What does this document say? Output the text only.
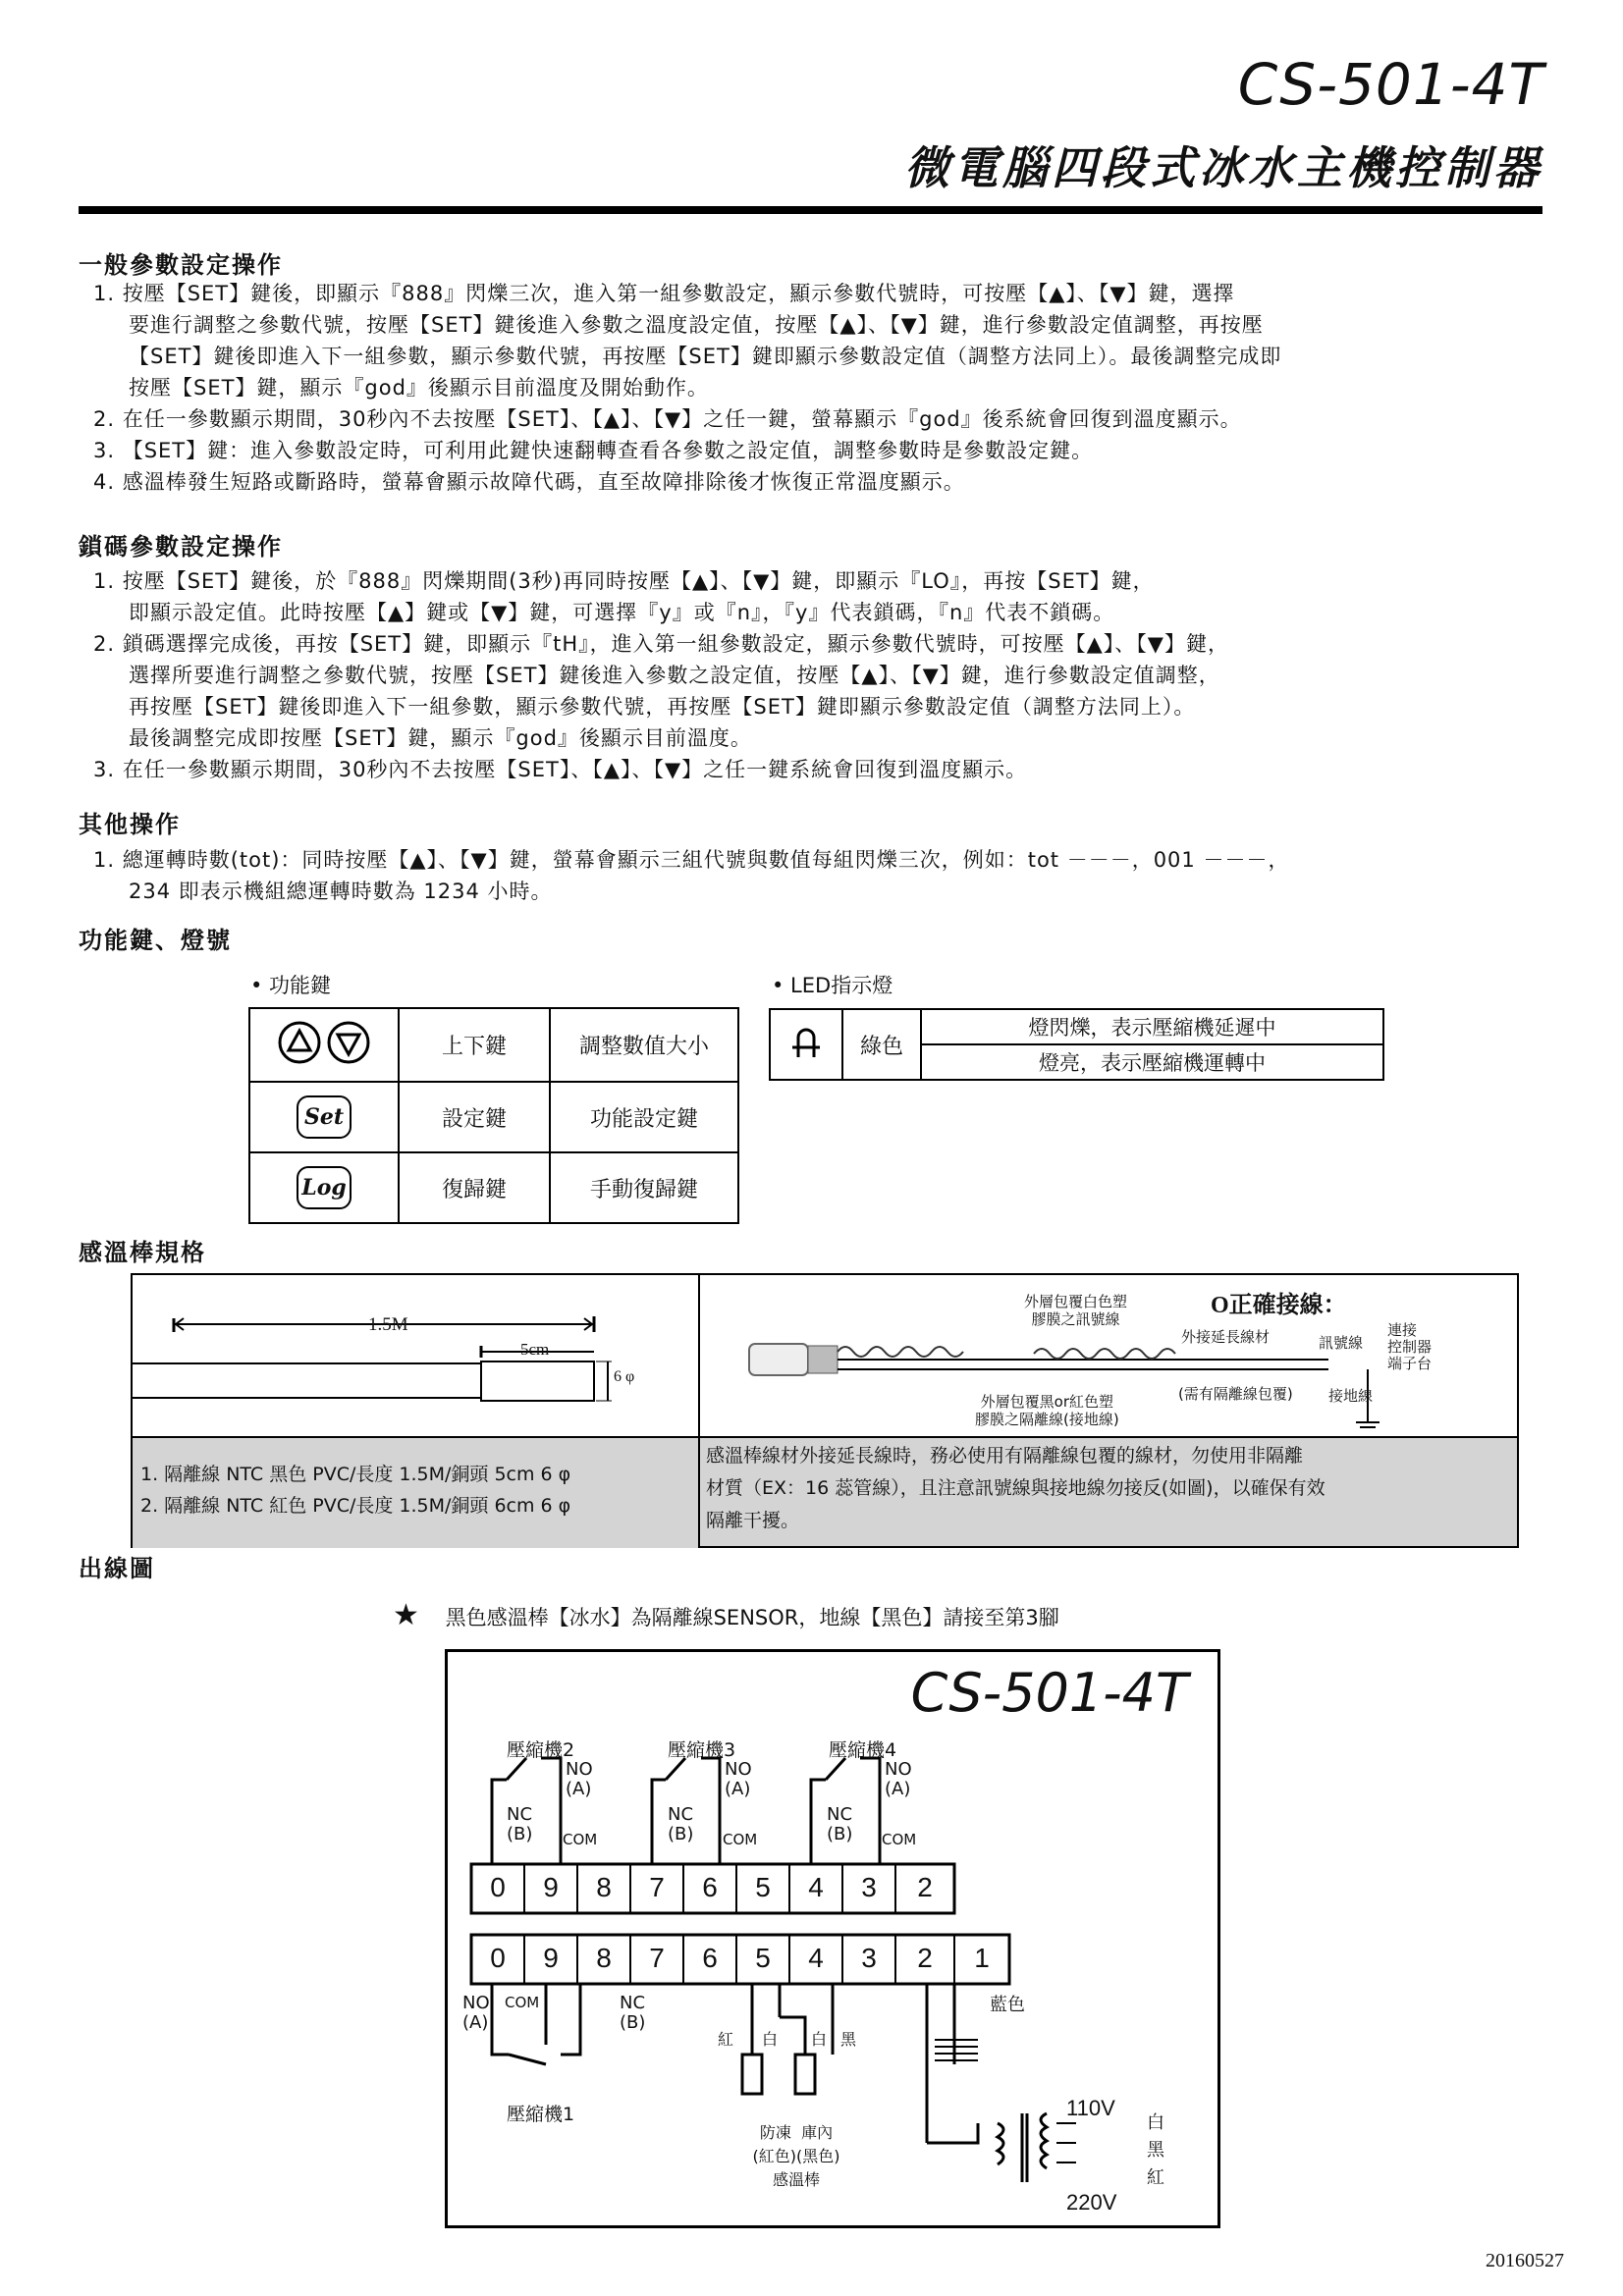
CS-501-4T
微電腦四段式冰水主機控制器
一般參數設定操作
1. 按壓【SET】鍵後，即顯示『888』閃爍三次，進入第一組參數設定，顯示參數代號時，可按壓【▲】、【▼】鍵，選擇
要進行調整之參數代號，按壓【SET】鍵後進入參數之溫度設定值，按壓【▲】、【▼】鍵，進行參數設定值調整，再按壓
【SET】鍵後即進入下一組參數，顯示參數代號，再按壓【SET】鍵即顯示參數設定值（調整方法同上）。最後調整完成即
按壓【SET】鍵，顯示『god』後顯示目前溫度及開始動作。
2. 在任一參數顯示期間，30秒內不去按壓【SET】、【▲】、【▼】之任一鍵，螢幕顯示『god』後系統會回復到溫度顯示。
3. 【SET】鍵：進入參數設定時，可利用此鍵快速翻轉查看各參數之設定值，調整參數時是參數設定鍵。
4. 感溫棒發生短路或斷路時，螢幕會顯示故障代碼，直至故障排除後才恢復正常溫度顯示。
鎖碼參數設定操作
1. 按壓【SET】鍵後，於『888』閃爍期間(3秒)再同時按壓【▲】、【▼】鍵，即顯示『LO』，再按【SET】鍵，
即顯示設定值。此時按壓【▲】鍵或【▼】鍵，可選擇『y』或『n』，『y』代表鎖碼，『n』代表不鎖碼。
2. 鎖碼選擇完成後，再按【SET】鍵，即顯示『tH』，進入第一組參數設定，顯示參數代號時，可按壓【▲】、【▼】鍵，
選擇所要進行調整之參數代號，按壓【SET】鍵後進入參數之設定值，按壓【▲】、【▼】鍵，進行參數設定值調整，
再按壓【SET】鍵後即進入下一組參數，顯示參數代號，再按壓【SET】鍵即顯示參數設定值（調整方法同上）。
最後調整完成即按壓【SET】鍵，顯示『god』後顯示目前溫度。
3. 在任一參數顯示期間，30秒內不去按壓【SET】、【▲】、【▼】之任一鍵系統會回復到溫度顯示。
其他操作
1. 總運轉時數(tot)：同時按壓【▲】、【▼】鍵，螢幕會顯示三組代號與數值每組閃爍三次，例如：tot －－－，001 －－－，
234 即表示機組總運轉時數為 1234 小時。
功能鍵、燈號
• 功能鍵	• LED指示燈
	上下鍵	調整數值大小
Set	設定鍵	功能設定鍵
Log	復歸鍵	手動復歸鍵
	綠色	燈閃爍，表示壓縮機延遲中
燈亮，表示壓縮機運轉中
感溫棒規格
1.5M
5cm
6 φ
O正確接線：
外層包覆白色塑
膠膜之訊號線
外接延長線材	訊號線
連接
控制器
端子台
(需有隔離線包覆) 接地線
外層包覆黑or紅色塑
膠膜之隔離線(接地線)
1. 隔離線 NTC 黑色 PVC/長度 1.5M/銅頭 5cm 6 φ
2. 隔離線 NTC 紅色 PVC/長度 1.5M/銅頭 6cm 6 φ
感溫棒線材外接延長線時，務必使用有隔離線包覆的線材，勿使用非隔離
材質（EX：16 蕊管線），且注意訊號線與接地線勿接反(如圖)，以確保有效
隔離干擾。
出線圖
★ 黑色感溫棒【冰水】為隔離線SENSOR，地線【黑色】請接至第3腳
CS-501-4T
0	9	8	7	6	5	4	3	2
0	9	8	7	6	5	4	3	2	1
壓縮機2	壓縮機3	壓縮機4
NO
(A)
NO
(A)
NO
(A)
NC
(B)
NC
(B)
NC
(B)
COM	COM	COM
NO
(A)
COM	NC
(B)
壓縮機1
紅 白 白 黑
藍色
防凍 庫內
(紅色)(黑色)
感溫棒
110V
220V
白
黑
紅
20160527
